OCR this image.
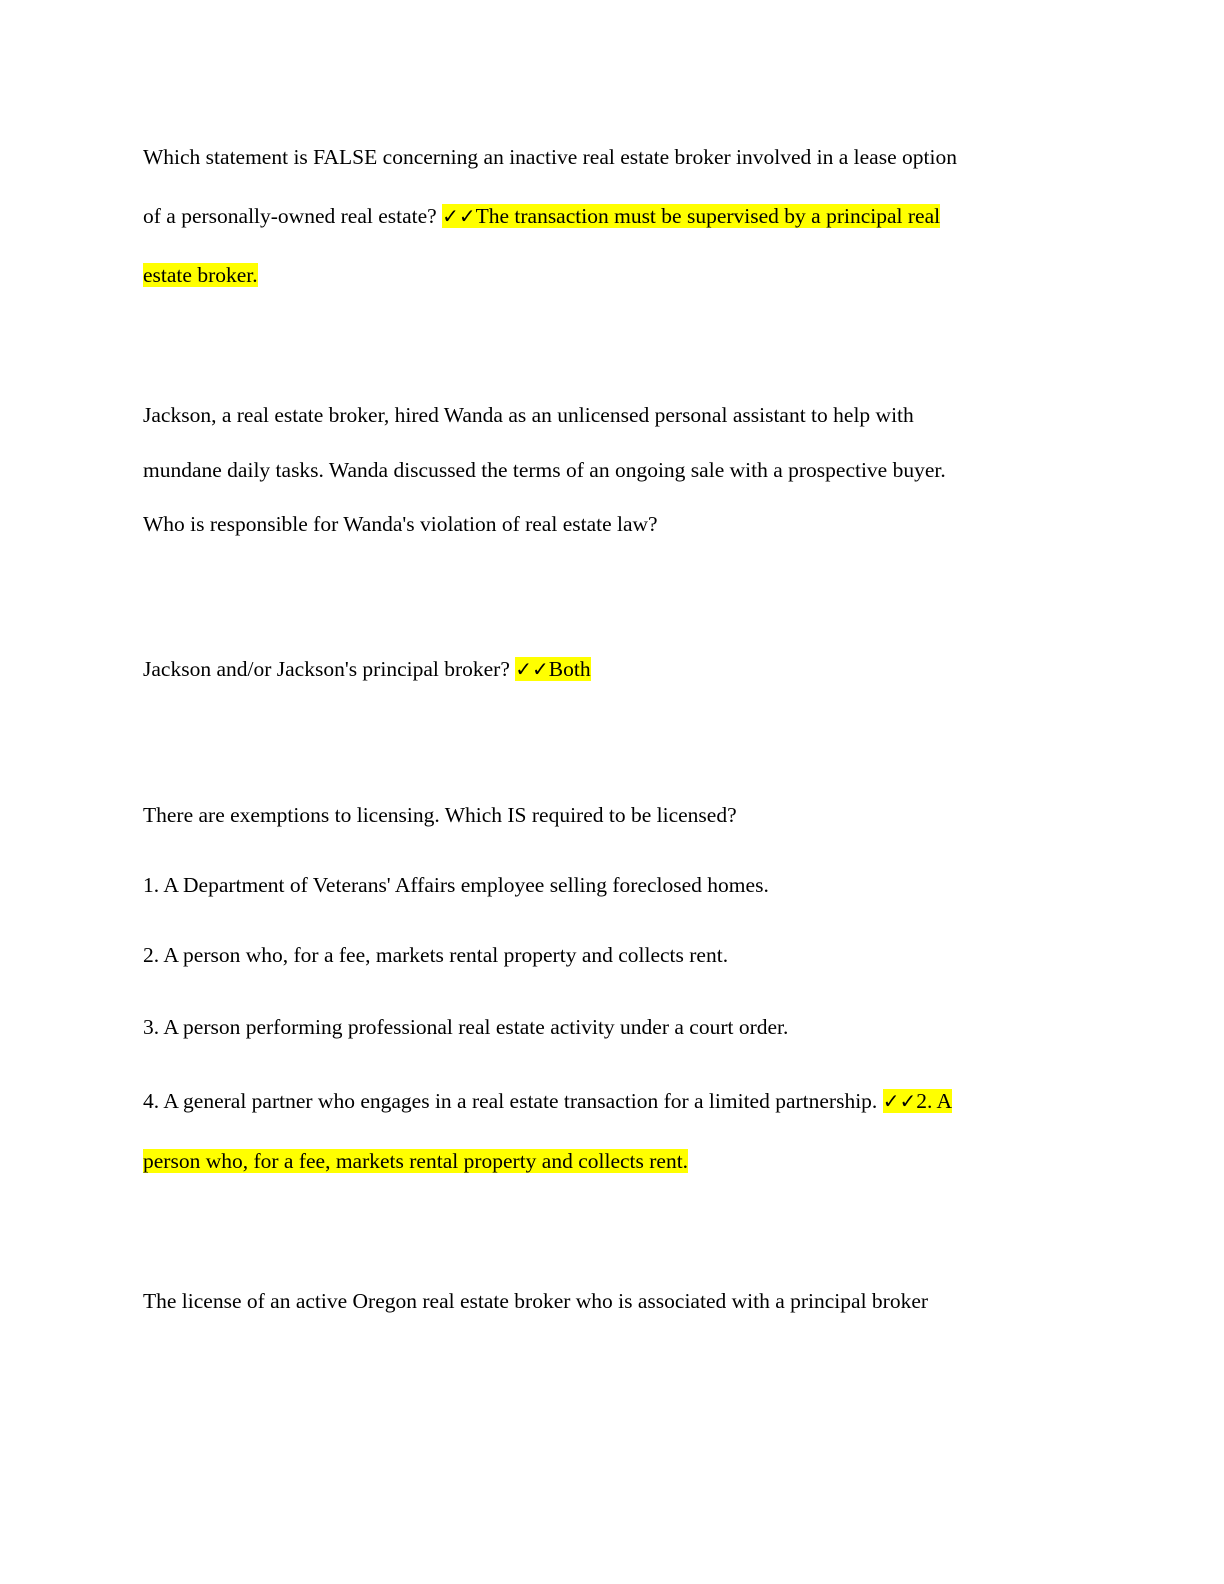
Which statement is FALSE concerning an inactive real estate broker involved in a lease option
of a personally-owned real estate? ✓✓The transaction must be supervised by a principal real
estate broker.
Jackson, a real estate broker, hired Wanda as an unlicensed personal assistant to help with
mundane daily tasks. Wanda discussed the terms of an ongoing sale with a prospective buyer.
Who is responsible for Wanda's violation of real estate law?
Jackson and/or Jackson's principal broker? ✓✓Both
There are exemptions to licensing. Which IS required to be licensed?
1. A Department of Veterans' Affairs employee selling foreclosed homes.
2. A person who, for a fee, markets rental property and collects rent.
3. A person performing professional real estate activity under a court order.
4. A general partner who engages in a real estate transaction for a limited partnership. ✓✓2. A
person who, for a fee, markets rental property and collects rent.
The license of an active Oregon real estate broker who is associated with a principal broker
